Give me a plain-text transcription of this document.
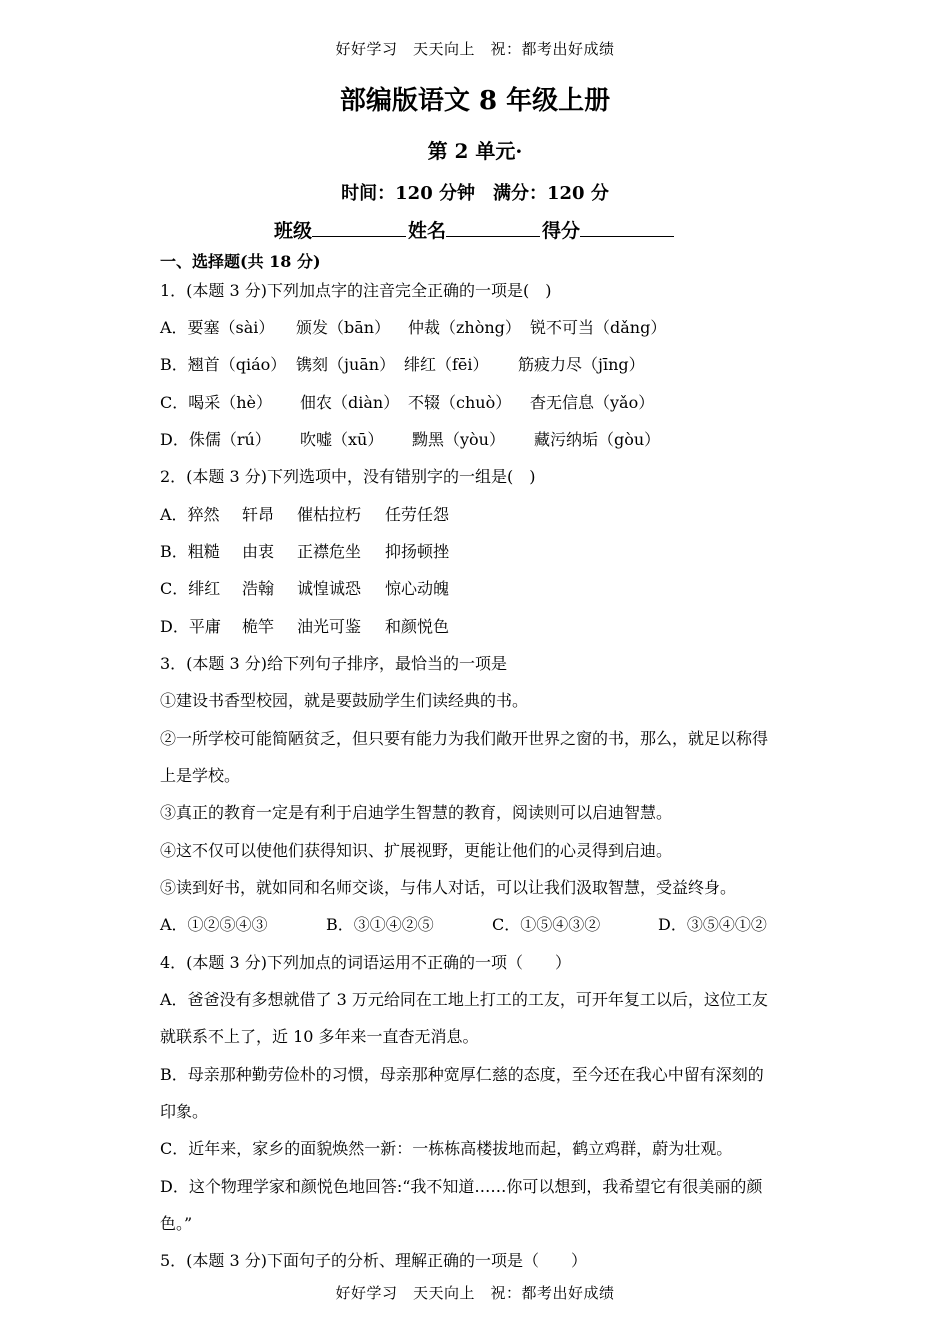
好好学习　天天向上　祝：都考出好成绩
部编版语文 8 年级上册
第 2 单元·
时间：120 分钟　满分：120 分
班级	姓名	得分
一、选择题(共 18 分)
1．(本题 3 分)下列加点字的注音完全正确的一项是(　)
A．要塞（sài） 颁发（bān） 仲裁（zhòng） 锐不可当（dǎng）
B．翘首（qiáo） 镌刻（juān） 绯红（fēi） 筋疲力尽（jīng）
C．喝采（hè） 佃农（diàn） 不辍（chuò） 杳无信息（yǎo）
D．侏儒（rú） 吹嘘（xū） 黝黑（yòu） 藏污纳垢（gòu）
2．(本题 3 分)下列选项中，没有错别字的一组是(　)
A．猝然 轩昂 催枯拉朽 任劳任怨
B．粗糙 由衷 正襟危坐 抑扬顿挫
C．绯红 浩翰 诚惶诚恐 惊心动魄
D．平庸 桅竿 油光可鉴 和颜悦色
3．(本题 3 分)给下列句子排序，最恰当的一项是
①建设书香型校园，就是要鼓励学生们读经典的书。
②一所学校可能简陋贫乏，但只要有能力为我们敞开世界之窗的书，那么，就足以称得
上是学校。
③真正的教育一定是有利于启迪学生智慧的教育，阅读则可以启迪智慧。
④这不仅可以使他们获得知识、扩展视野，更能让他们的心灵得到启迪。
⑤读到好书，就如同和名师交谈，与伟人对话，可以让我们汲取智慧，受益终身。
A．①②⑤④③	B．③①④②⑤	C．①⑤④③②	D．③⑤④①②
4．(本题 3 分)下列加点的词语运用不正确的一项（　　）
A．爸爸没有多想就借了 3 万元给同在工地上打工的工友，可开年复工以后，这位工友
就联系不上了，近 10 多年来一直杳无消息。
B．母亲那种勤劳俭朴的习惯，母亲那种宽厚仁慈的态度，至今还在我心中留有深刻的
印象。
C．近年来，家乡的面貌焕然一新：一栋栋高楼拔地而起，鹤立鸡群，蔚为壮观。
D．这个物理学家和颜悦色地回答:“我不知道……你可以想到，我希望它有很美丽的颜
色。”
5．(本题 3 分)下面句子的分析、理解正确的一项是（　　）
好好学习　天天向上　祝：都考出好成绩
